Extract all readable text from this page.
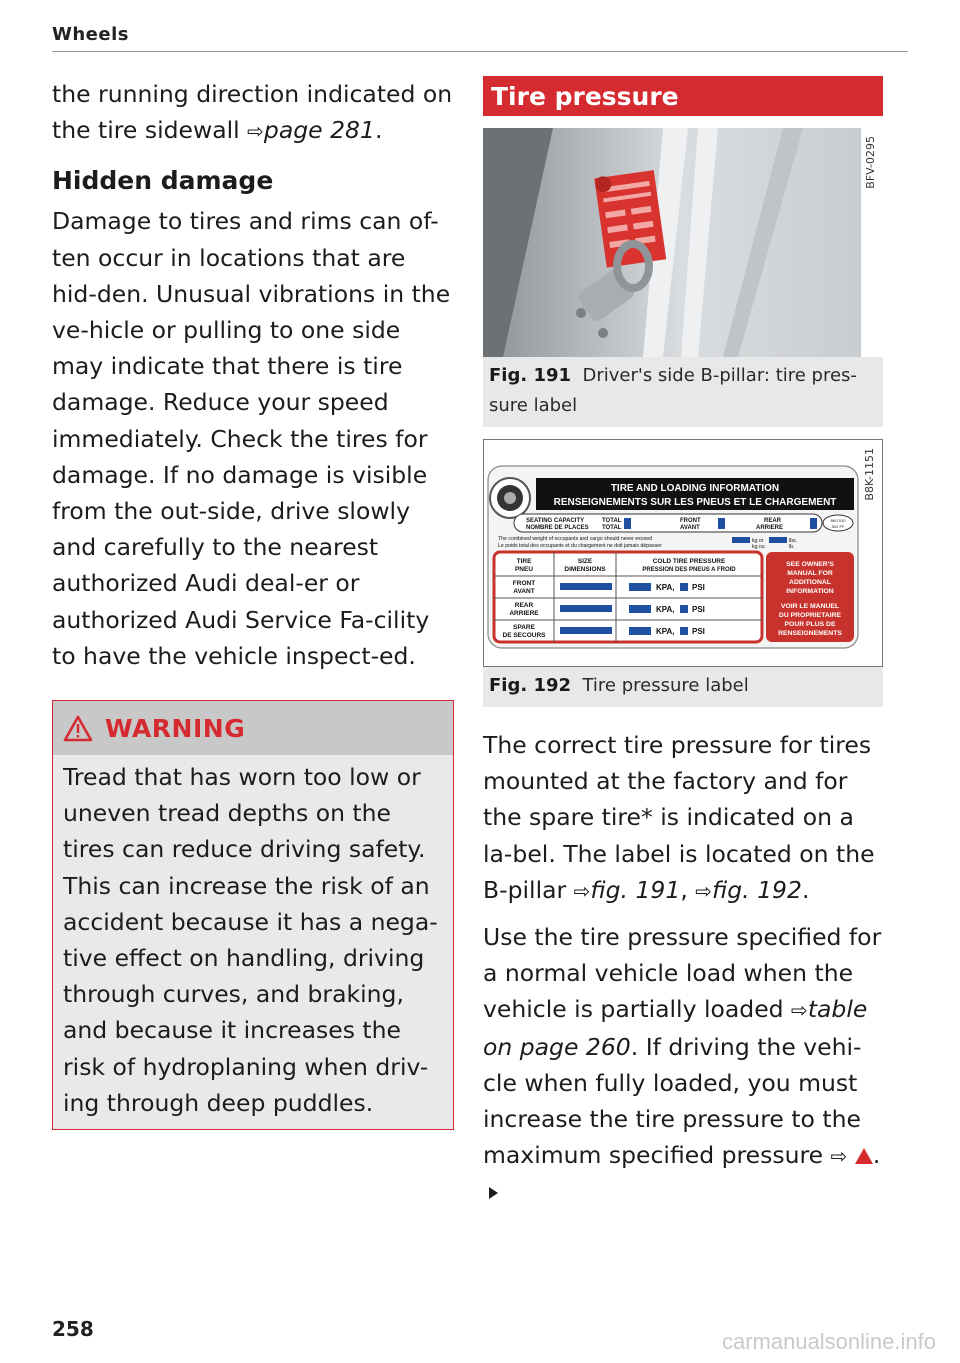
Wheels

the running direction indicated on the tire sidewall ⇨page 281.

Hidden damage

Damage to tires and rims can of-ten occur in locations that are hid-den. Unusual vibrations in the ve-hicle or pulling to one side may indicate that there is tire damage. Reduce your speed immediately. Check the tires for damage. If no damage is visible from the out-side, drive slowly and carefully to the nearest authorized Audi deal-er or authorized Audi Service Fa-cility to have the vehicle inspect-ed.

WARNING

Tread that has worn too low or uneven tread depths on the tires can reduce driving safety. This can increase the risk of an accident because it has a nega-tive effect on handling, driving through curves, and braking, and because it increases the risk of hydroplaning when driv-ing through deep puddles.

Tire pressure
BFV-0295
Fig. 191 Driver's side B-pillar: tire pres-sure label
TIRE AND LOADING INFORMATION
RENSEIGNEMENTS SUR LES PNEUS ET LE CHARGEMENT
SEATING CAPACITY
NOMBRE DE PLACES
TOTAL
TOTAL
FRONT
AVANT
REAR
ARRIERE
8K0 010
502 FF
The combined weight of occupants and cargo should never exceed
Le poids total des occupants et du chargement ne doit jamais dépasser
kg or
kg ou
lbs.
lb.
TIRE
PNEU
SIZE
DIMENSIONS
COLD TIRE PRESSURE
PRESSION DES PNEUS A FROID
FRONT
AVANT
REAR
ARRIERE
SPARE
DE SECOURS
KPA,
KPA,
KPA,
PSI
PSI
PSI
SEE OWNER'S
MANUAL FOR
ADDITIONAL
INFORMATION
VOIR LE MANUEL
DU PROPRIETAIRE
POUR PLUS DE
RENSEIGNEMENTS
B8K-1151
Fig. 192 Tire pressure label

The correct tire pressure for tires mounted at the factory and for the spare tire* is indicated on a la-bel. The label is located on the B-pillar ⇨fig. 191, ⇨fig. 192.

Use the tire pressure specified for a normal vehicle load when the vehicle is partially loaded ⇨table on page 260. If driving the vehi-cle when fully loaded, you must increase the tire pressure to the maximum specified pressure ⇨ .

258	carmanualsonline.info
